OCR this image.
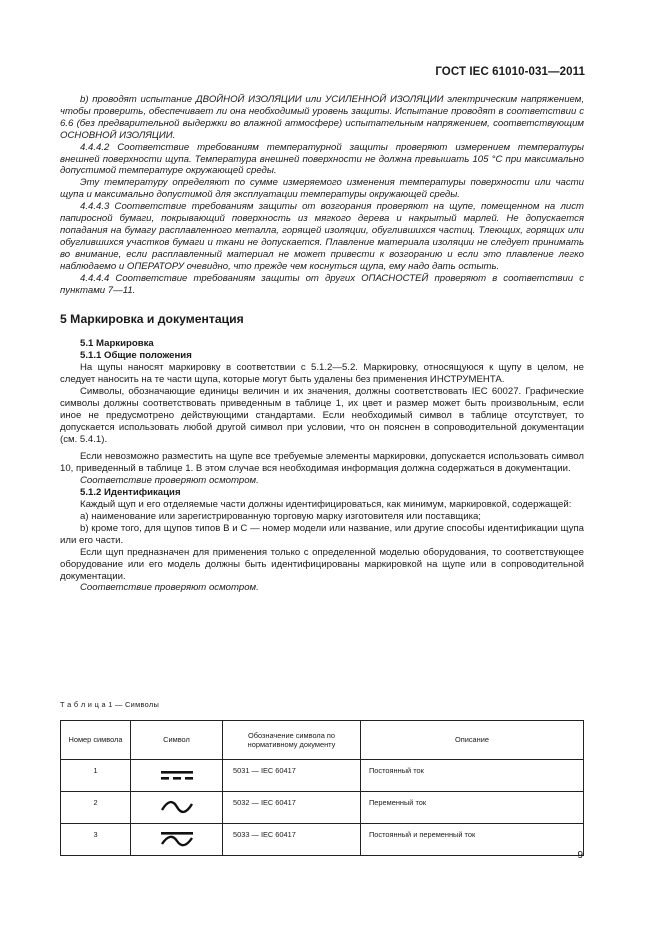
ГОСТ IEC 61010-031—2011

b) проводят испытание ДВОЙНОЙ ИЗОЛЯЦИИ или УСИЛЕННОЙ ИЗОЛЯЦИИ электрическим напряжением, чтобы проверить, обеспечивает ли она необходимый уровень защиты. Испытание проводят в соответствии с 6.6 (без предварительной выдержки во влажной атмосфере) испытательным напряжением, соответствующим ОСНОВНОЙ ИЗОЛЯЦИИ.

4.4.4.2 Соответствие требованиям температурной защиты проверяют измерением температуры внешней поверхности щупа. Температура внешней поверхности не должна превышать 105 °С при максимально допустимой температуре окружающей среды.

Эту температуру определяют по сумме измеряемого изменения температуры поверхности или части щупа и максимально допустимой для эксплуатации температуры окружающей среды.

4.4.4.3 Соответствие требованиям защиты от возгорания проверяют на щупе, помещенном на лист папиросной бумаги, покрывающий поверхность из мягкого дерева и накрытый марлей. Не допускается попадания на бумагу расплавленного металла, горящей изоляции, обуглившихся частиц. Тлеющих, горящих или обуглившихся участков бумаги и ткани не допускается. Плавление материала изоляции не следует принимать во внимание, если расплавленный материал не может привести к возгоранию и если это плавление легко наблюдаемо и ОПЕРАТОРУ очевидно, что прежде чем коснуться щупа, ему надо дать остыть.

4.4.4.4 Соответствие требованиям защиты от других ОПАСНОСТЕЙ проверяют в соответствии с пунктами 7—11.

5 Маркировка и документация
5.1 Маркировка
5.1.1 Общие положения

На щупы наносят маркировку в соответствии с 5.1.2—5.2. Маркировку, относящуюся к щупу в целом, не следует наносить на те части щупа, которые могут быть удалены без применения ИНСТРУМЕНТА.

Символы, обозначающие единицы величин и их значения, должны соответствовать IEC 60027. Графические символы должны соответствовать приведенным в таблице 1, их цвет и размер может быть произвольным, если иное не предусмотрено действующими стандартами. Если необходимый символ в таблице отсутствует, то допускается использовать любой другой символ при условии, что он пояснен в сопроводительной документации (см. 5.4.1).

Если невозможно разместить на щупе все требуемые элементы маркировки, допускается использовать символ 10, приведенный в таблице 1. В этом случае вся необходимая информация должна содержаться в документации.

Соответствие проверяют осмотром.

5.1.2 Идентификация

Каждый щуп и его отделяемые части должны идентифицироваться, как минимум, маркировкой, содержащей:

a) наименование или зарегистрированную торговую марку изготовителя или поставщика;

b) кроме того, для щупов типов В и С — номер модели или название, или другие способы идентификации щупа или его части.

Если щуп предназначен для применения только с определенной моделью оборудования, то соответствующее оборудование или его модель должны быть идентифицированы маркировкой на щупе или в сопроводительной документации.

Соответствие проверяют осмотром.

Т а б л и ц а 1 — Символы
Номер символа	Символ	Обозначение символа по нормативному документу	Описание
1		5031 — IEC 60417	Постоянный ток
2		5032 — IEC 60417	Переменный ток
3		5033 — IEC 60417	Постоянный и переменный ток
9
